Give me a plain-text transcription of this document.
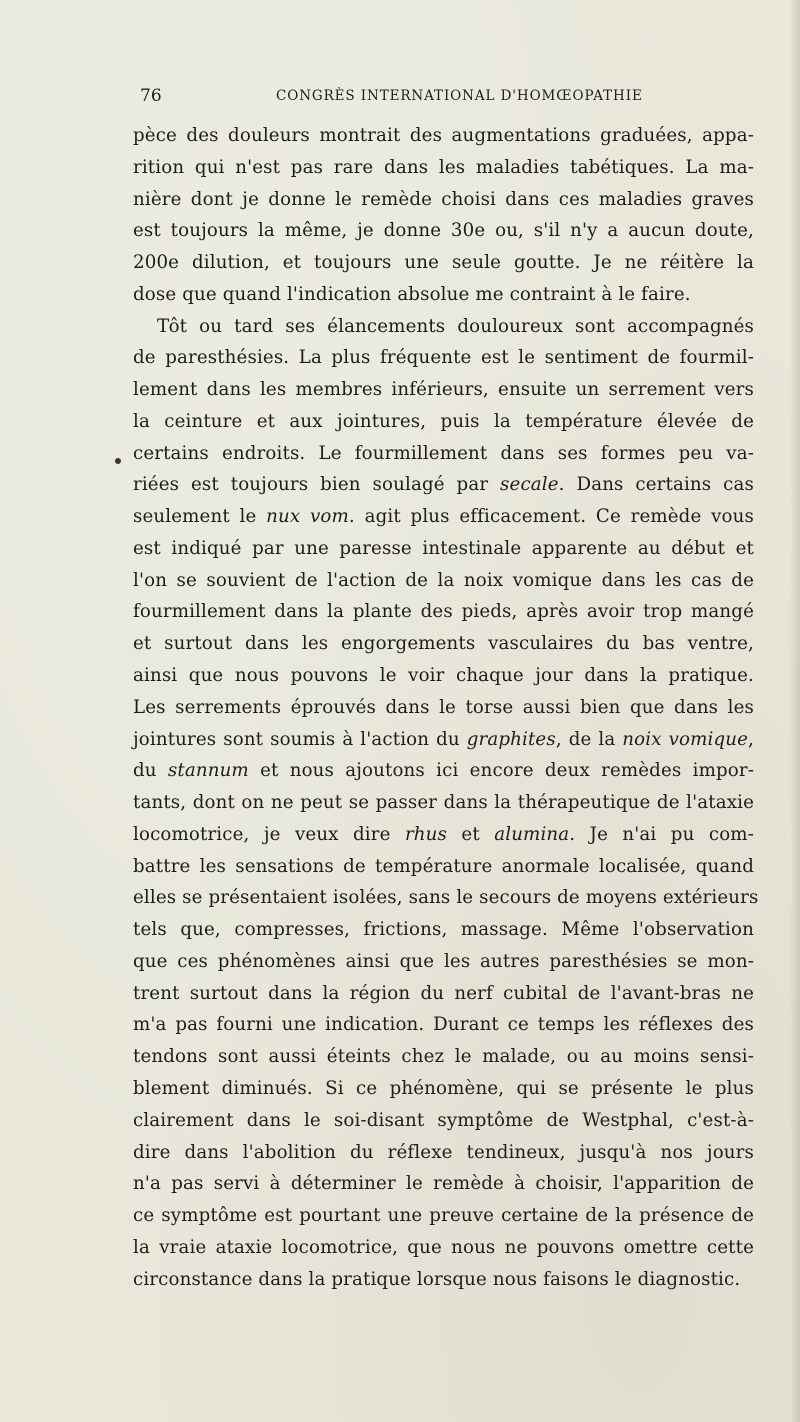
76	CONGRÈS INTERNATIONAL D'HOMŒOPATHIE
pèce des douleurs montrait des augmentations graduées, appa-
rition qui n'est pas rare dans les maladies tabétiques. La ma-
nière dont je donne le remède choisi dans ces maladies graves
est toujours la même, je donne 30e ou, s'il n'y a aucun doute,
200e dilution, et toujours une seule goutte. Je ne réitère la
dose que quand l'indication absolue me contraint à le faire.
Tôt ou tard ses élancements douloureux sont accompagnés
de paresthésies. La plus fréquente est le sentiment de fourmil-
lement dans les membres inférieurs, ensuite un serrement vers
la ceinture et aux jointures, puis la température élevée de
certains endroits. Le fourmillement dans ses formes peu va-
riées est toujours bien soulagé par secale. Dans certains cas
seulement le nux vom. agit plus efficacement. Ce remède vous
est indiqué par une paresse intestinale apparente au début et
l'on se souvient de l'action de la noix vomique dans les cas de
fourmillement dans la plante des pieds, après avoir trop mangé
et surtout dans les engorgements vasculaires du bas ventre,
ainsi que nous pouvons le voir chaque jour dans la pratique.
Les serrements éprouvés dans le torse aussi bien que dans les
jointures sont soumis à l'action du graphites, de la noix vomique,
du stannum et nous ajoutons ici encore deux remèdes impor-
tants, dont on ne peut se passer dans la thérapeutique de l'ataxie
locomotrice, je veux dire rhus et alumina. Je n'ai pu com-
battre les sensations de température anormale localisée, quand
elles se présentaient isolées, sans le secours de moyens extérieurs
tels que, compresses, frictions, massage. Même l'observation
que ces phénomènes ainsi que les autres paresthésies se mon-
trent surtout dans la région du nerf cubital de l'avant-bras ne
m'a pas fourni une indication. Durant ce temps les réflexes des
tendons sont aussi éteints chez le malade, ou au moins sensi-
blement diminués. Si ce phénomène, qui se présente le plus
clairement dans le soi-disant symptôme de Westphal, c'est-à-
dire dans l'abolition du réflexe tendineux, jusqu'à nos jours
n'a pas servi à déterminer le remède à choisir, l'apparition de
ce symptôme est pourtant une preuve certaine de la présence de
la vraie ataxie locomotrice, que nous ne pouvons omettre cette
circonstance dans la pratique lorsque nous faisons le diagnostic.
